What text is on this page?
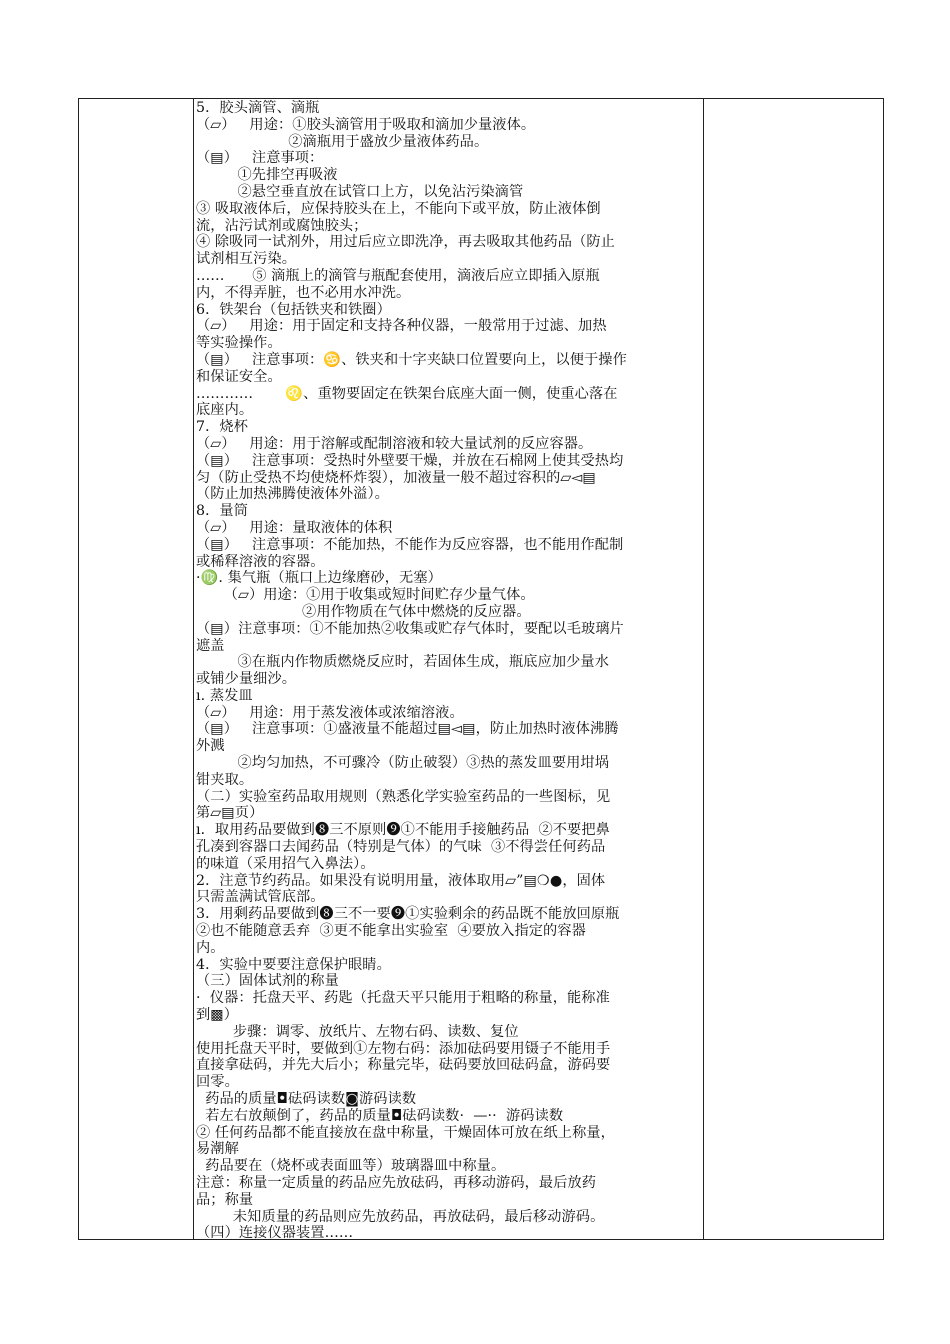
5．胶头滴管、滴瓶

（▱）   用途：①胶头滴管用于吸取和滴加少量液体。

②滴瓶用于盛放少量液体药品。

（▤）   注意事项：

①先排空再吸液

②悬空垂直放在试管口上方，以免沾污染滴管

③ 吸取液体后，应保持胶头在上，不能向下或平放，防止液体倒

流，沾污试剂或腐蚀胶头；

④ 除吸同一试剂外，用过后应立即洗净，再去吸取其他药品（防止

试剂相互污染。

……      ⑤ 滴瓶上的滴管与瓶配套使用，滴液后应立即插入原瓶

内，不得弄脏，也不必用水冲洗。

6．铁架台（包括铁夹和铁圈）

（▱）   用途：用于固定和支持各种仪器，一般常用于过滤、加热

等实验操作。

（▤）   注意事项：♋、铁夹和十字夹缺口位置要向上，以便于操作

和保证安全。

…………       ♌、重物要固定在铁架台底座大面一侧，使重心落在

底座内。

7．烧杯

（▱）   用途：用于溶解或配制溶液和较大量试剂的反应容器。

（▤）   注意事项：受热时外壁要干燥，并放在石棉网上使其受热均

匀（防止受热不均使烧杯炸裂），加液量一般不超过容积的▱◅▤

（防止加热沸腾使液体外溢）。

8．量筒

（▱）   用途：量取液体的体积

（▤）   注意事项：不能加热，不能作为反应容器，也不能用作配制

或稀释溶液的容器。

·♍. 集气瓶（瓶口上边缘磨砂，无塞）

（▱）用途：①用于收集或短时间贮存少量气体。

②用作物质在气体中燃烧的反应器。

（▤）注意事项：①不能加热②收集或贮存气体时，要配以毛玻璃片

遮盖

③在瓶内作物质燃烧反应时，若固体生成，瓶底应加少量水

或铺少量细沙。

ı. 蒸发皿

（▱）   用途：用于蒸发液体或浓缩溶液。

（▤）   注意事项：①盛液量不能超过▤◅▤，防止加热时液体沸腾

外溅

②均匀加热，不可骤冷（防止破裂）③热的蒸发皿要用坩埚

钳夹取。

（二）实验室药品取用规则（熟悉化学实验室药品的一些图标，见

第▱▤页）

ı．取用药品要做到❽三不原则❾①不能用手接触药品  ②不要把鼻

孔凑到容器口去闻药品（特别是气体）的气味  ③不得尝任何药品

的味道（采用招气入鼻法）。

2．注意节约药品。如果没有说明用量，液体取用▱”▤❍●，固体

只需盖满试管底部。

3．用剩药品要做到❽三不一要❾①实验剩余的药品既不能放回原瓶

②也不能随意丢弃  ③更不能拿出实验室  ④要放入指定的容器

内。

4．实验中要要注意保护眼睛。

（三）固体试剂的称量

·  仪器：托盘天平、药匙（托盘天平只能用于粗略的称量，能称准

到▩）

步骤：调零、放纸片、左物右码、读数、复位

使用托盘天平时，要做到①左物右码：添加砝码要用镊子不能用手

直接拿砝码，并先大后小；称量完毕，砝码要放回砝码盒，游码要

回零。

药品的质量◘砝码读数◙游码读数

若左右放颠倒了，药品的质量◘砝码读数·  —··  游码读数

② 任何药品都不能直接放在盘中称量，干燥固体可放在纸上称量，

易潮解

药品要在（烧杯或表面皿等）玻璃器皿中称量。

注意：称量一定质量的药品应先放砝码，再移动游码，最后放药

品；称量

未知质量的药品则应先放药品，再放砝码，最后移动游码。

（四）连接仪器装置……
